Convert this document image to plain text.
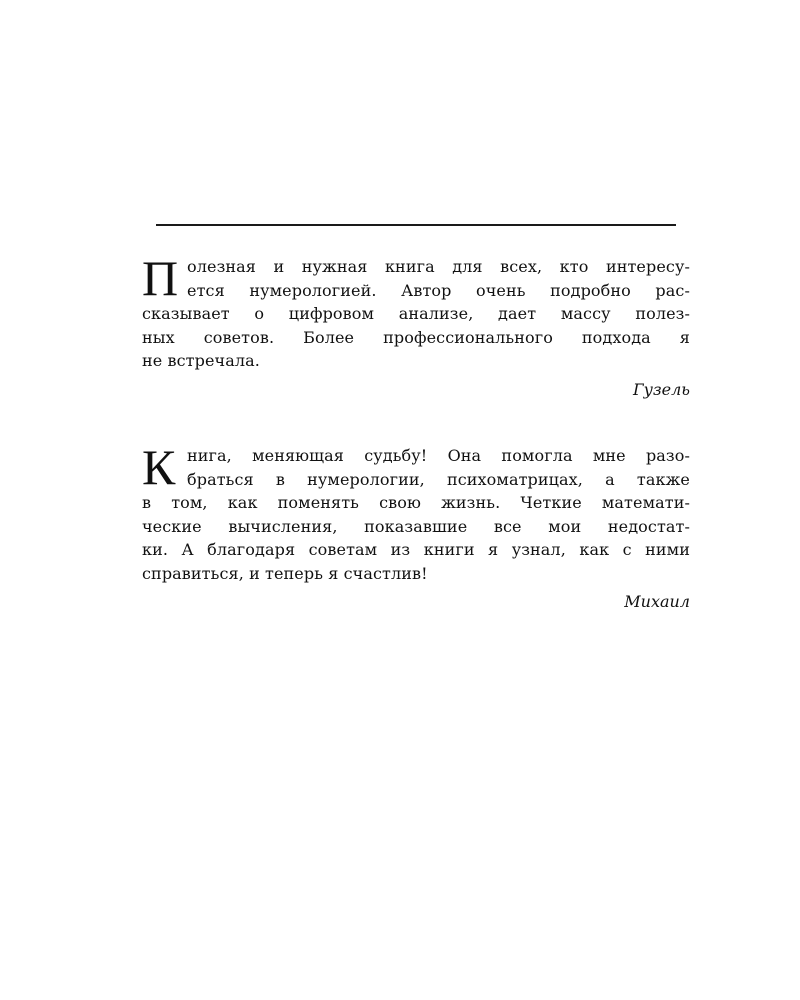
П олезная и нужная книга для всех, кто интересу-
ется нумерологией. Автор очень подробно рас-
сказывает о цифровом анализе, дает массу полез-
ных советов. Более профессионального подхода я
не встречала.
Гузель
К нига, меняющая судьбу! Она помогла мне разо-
браться в нумерологии, психоматрицах, а также
в том, как поменять свою жизнь. Четкие математи-
ческие вычисления, показавшие все мои недостат-
ки. А благодаря советам из книги я узнал, как с ними
справиться, и теперь я счастлив!
Михаил
